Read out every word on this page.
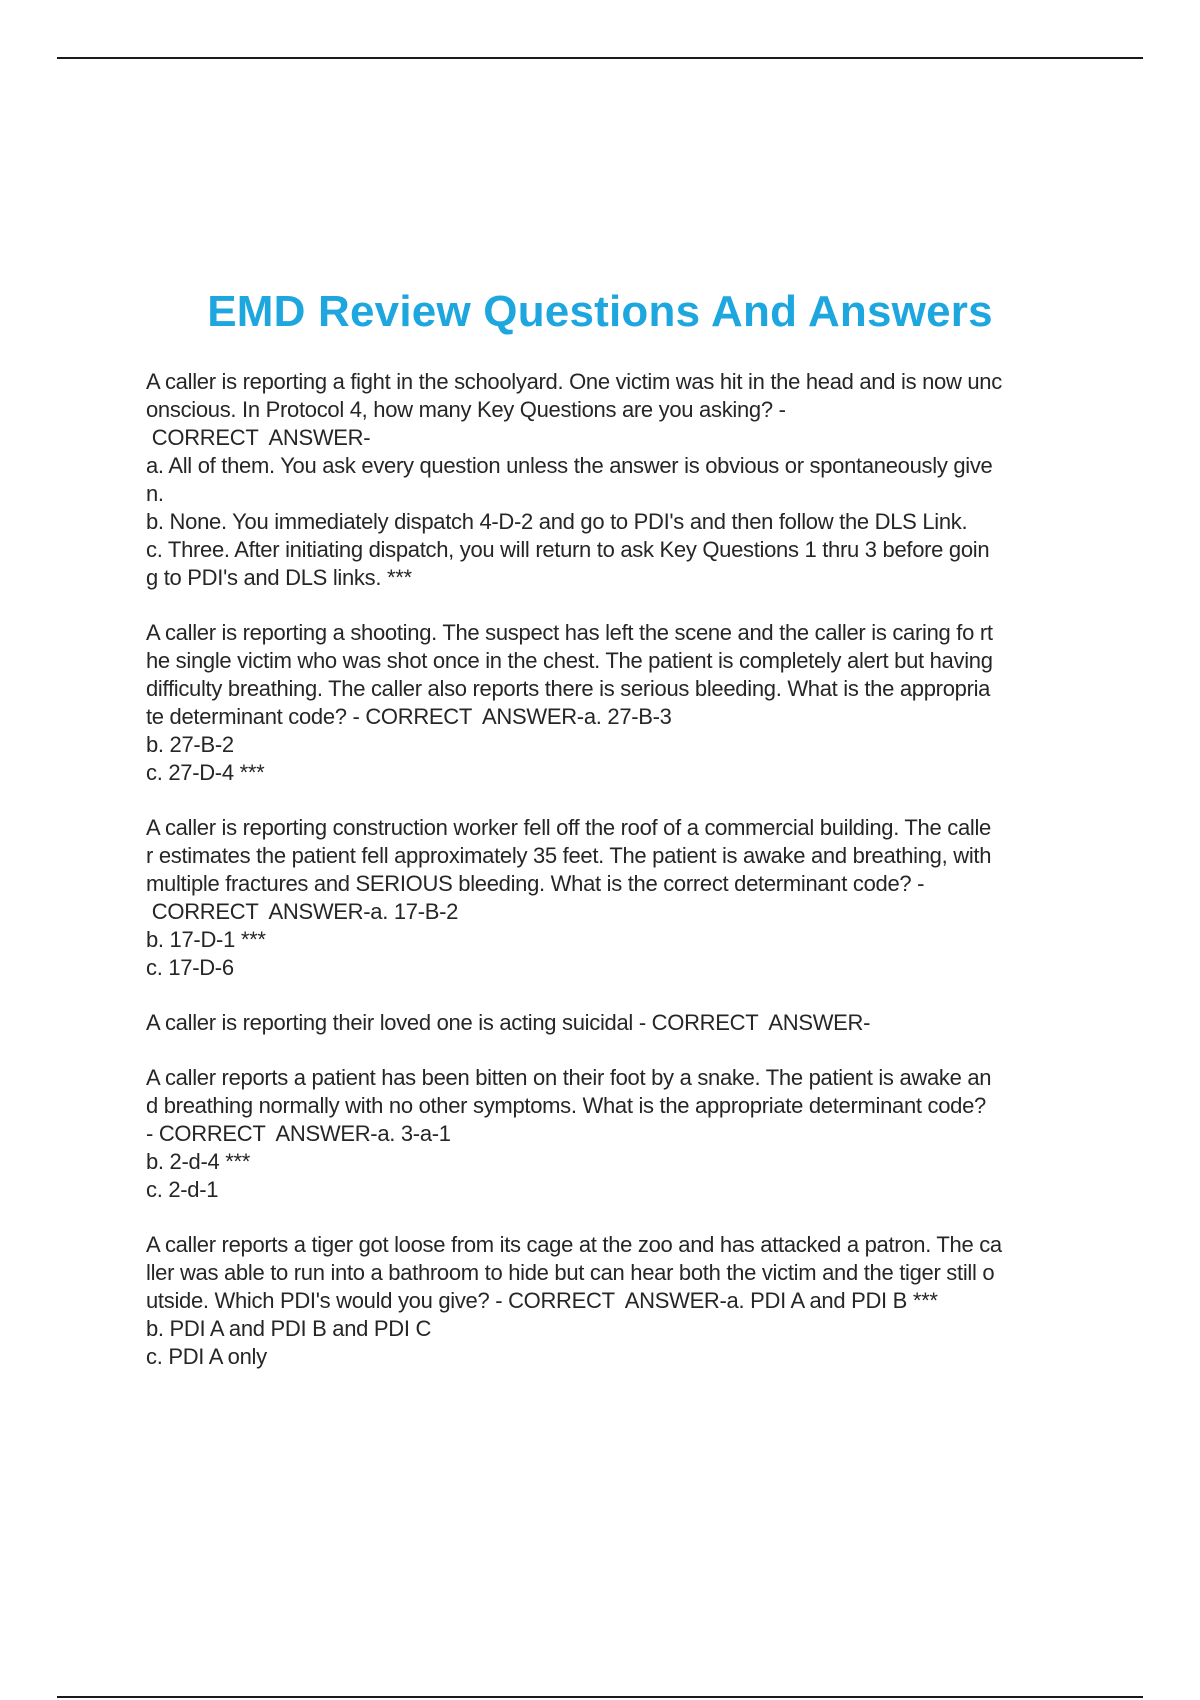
EMD Review Questions And Answers
A caller is reporting a fight in the schoolyard. One victim was hit in the head and is now unc
onscious. In Protocol 4, how many Key Questions are you asking? -
CORRECT  ANSWER-
a. All of them. You ask every question unless the answer is obvious or spontaneously give
n.
b. None. You immediately dispatch 4-D-2 and go to PDI's and then follow the DLS Link.
c. Three. After initiating dispatch, you will return to ask Key Questions 1 thru 3 before goin
g to PDI's and DLS links. ***
A caller is reporting a shooting. The suspect has left the scene and the caller is caring fo rt
he single victim who was shot once in the chest. The patient is completely alert but having
difficulty breathing. The caller also reports there is serious bleeding. What is the appropria
te determinant code? - CORRECT  ANSWER-a. 27-B-3
b. 27-B-2
c. 27-D-4 ***
A caller is reporting construction worker fell off the roof of a commercial building. The calle
r estimates the patient fell approximately 35 feet. The patient is awake and breathing, with
multiple fractures and SERIOUS bleeding. What is the correct determinant code? -
CORRECT  ANSWER-a. 17-B-2
b. 17-D-1 ***
c. 17-D-6
A caller is reporting their loved one is acting suicidal - CORRECT  ANSWER-
A caller reports a patient has been bitten on their foot by a snake. The patient is awake an
d breathing normally with no other symptoms. What is the appropriate determinant code?
- CORRECT  ANSWER-a. 3-a-1
b. 2-d-4 ***
c. 2-d-1
A caller reports a tiger got loose from its cage at the zoo and has attacked a patron. The ca
ller was able to run into a bathroom to hide but can hear both the victim and the tiger still o
utside. Which PDI's would you give? - CORRECT  ANSWER-a. PDI A and PDI B ***
b. PDI A and PDI B and PDI C
c. PDI A only
